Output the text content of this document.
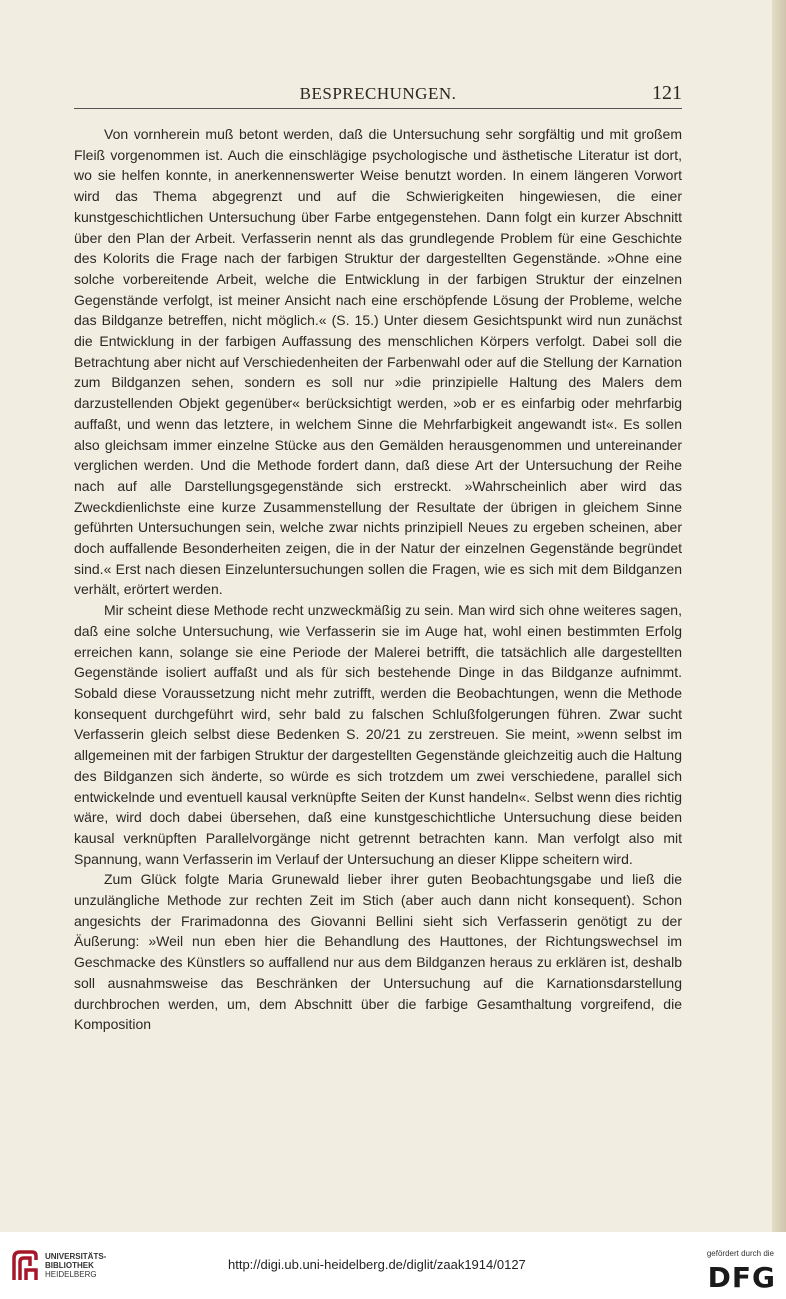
BESPRECHUNGEN.	121

Von vornherein muß betont werden, daß die Untersuchung sehr sorgfältig und mit großem Fleiß vorgenommen ist. Auch die einschlägige psychologische und ästhetische Literatur ist dort, wo sie helfen konnte, in anerkennenswerter Weise benutzt worden. In einem längeren Vorwort wird das Thema abgegrenzt und auf die Schwierigkeiten hingewiesen, die einer kunstgeschichtlichen Untersuchung über Farbe entgegenstehen. Dann folgt ein kurzer Abschnitt über den Plan der Arbeit. Verfasserin nennt als das grundlegende Problem für eine Geschichte des Kolorits die Frage nach der farbigen Struktur der dargestellten Gegenstände. »Ohne eine solche vorbereitende Arbeit, welche die Entwicklung in der farbigen Struktur der einzelnen Gegenstände verfolgt, ist meiner Ansicht nach eine erschöpfende Lösung der Probleme, welche das Bildganze betreffen, nicht möglich.« (S. 15.) Unter diesem Gesichtspunkt wird nun zunächst die Entwicklung in der farbigen Auffassung des menschlichen Körpers verfolgt. Dabei soll die Betrachtung aber nicht auf Verschiedenheiten der Farbenwahl oder auf die Stellung der Karnation zum Bildganzen sehen, sondern es soll nur »die prinzipielle Haltung des Malers dem darzustellenden Objekt gegenüber« berücksichtigt werden, »ob er es einfarbig oder mehrfarbig auffaßt, und wenn das letztere, in welchem Sinne die Mehrfarbigkeit angewandt ist«. Es sollen also gleichsam immer einzelne Stücke aus den Gemälden herausgenommen und untereinander verglichen werden. Und die Methode fordert dann, daß diese Art der Untersuchung der Reihe nach auf alle Darstellungsgegenstände sich erstreckt. »Wahrscheinlich aber wird das Zweckdienlichste eine kurze Zusammenstellung der Resultate der übrigen in gleichem Sinne geführten Untersuchungen sein, welche zwar nichts prinzipiell Neues zu ergeben scheinen, aber doch auffallende Besonderheiten zeigen, die in der Natur der einzelnen Gegenstände begründet sind.« Erst nach diesen Einzeluntersuchungen sollen die Fragen, wie es sich mit dem Bildganzen verhält, erörtert werden.

Mir scheint diese Methode recht unzweckmäßig zu sein. Man wird sich ohne weiteres sagen, daß eine solche Untersuchung, wie Verfasserin sie im Auge hat, wohl einen bestimmten Erfolg erreichen kann, solange sie eine Periode der Malerei betrifft, die tatsächlich alle dargestellten Gegenstände isoliert auffaßt und als für sich bestehende Dinge in das Bildganze aufnimmt. Sobald diese Voraussetzung nicht mehr zutrifft, werden die Beobachtungen, wenn die Methode konsequent durchgeführt wird, sehr bald zu falschen Schlußfolgerungen führen. Zwar sucht Verfasserin gleich selbst diese Bedenken S. 20/21 zu zerstreuen. Sie meint, »wenn selbst im allgemeinen mit der farbigen Struktur der dargestellten Gegenstände gleichzeitig auch die Haltung des Bildganzen sich änderte, so würde es sich trotzdem um zwei verschiedene, parallel sich entwickelnde und eventuell kausal verknüpfte Seiten der Kunst handeln«. Selbst wenn dies richtig wäre, wird doch dabei übersehen, daß eine kunstgeschichtliche Untersuchung diese beiden kausal verknüpften Parallelvorgänge nicht getrennt betrachten kann. Man verfolgt also mit Spannung, wann Verfasserin im Verlauf der Untersuchung an dieser Klippe scheitern wird.

Zum Glück folgte Maria Grunewald lieber ihrer guten Beobachtungsgabe und ließ die unzulängliche Methode zur rechten Zeit im Stich (aber auch dann nicht konsequent). Schon angesichts der Frarimadonna des Giovanni Bellini sieht sich Verfasserin genötigt zu der Äußerung: »Weil nun eben hier die Behandlung des Hauttones, der Richtungswechsel im Geschmacke des Künstlers so auffallend nur aus dem Bildganzen heraus zu erklären ist, deshalb soll ausnahmsweise das Beschränken der Untersuchung auf die Karnationsdarstellung durchbrochen werden, um, dem Abschnitt über die farbige Gesamthaltung vorgreifend, die Komposition

UNIVERSITÄTS-
BIBLIOTHEK
HEIDELBERG
http://digi.ub.uni-heidelberg.de/diglit/zaak1914/0127
gefördert durch die
DFG
